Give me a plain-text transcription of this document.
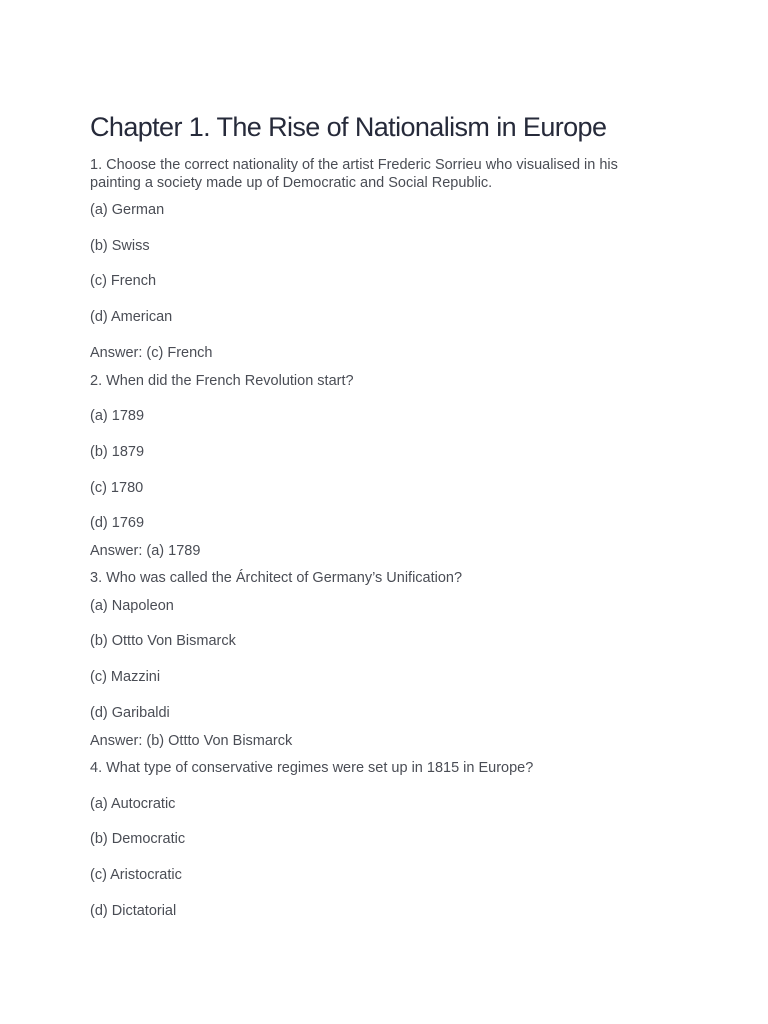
Chapter 1. The Rise of Nationalism in Europe
1. Choose the correct nationality of the artist Frederic Sorrieu who visualised in his painting a society made up of Democratic and Social Republic.
(a) German
(b) Swiss
(c) French
(d) American
Answer: (c) French
2. When did the French Revolution start?
(a) 1789
(b) 1879
(c) 1780
(d) 1769
Answer: (a) 1789
3. Who was called the Árchitect of Germany’s Unification?
(a) Napoleon
(b) Ottto Von Bismarck
(c) Mazzini
(d) Garibaldi
Answer: (b) Ottto Von Bismarck
4. What type of conservative regimes were set up in 1815 in Europe?
(a) Autocratic
(b) Democratic
(c) Aristocratic
(d) Dictatorial
